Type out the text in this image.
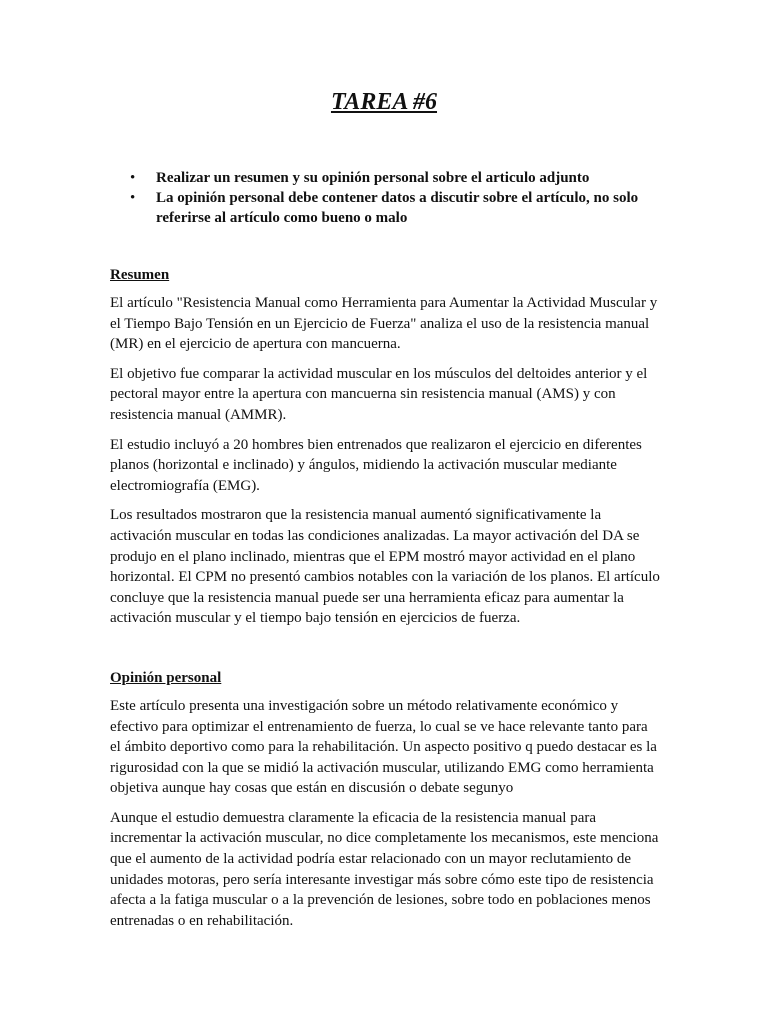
TAREA #6
• Realizar un resumen y su opinión personal sobre el articulo adjunto
• La opinión personal debe contener datos a discutir sobre el artículo, no solo referirse al artículo como bueno o malo
Resumen

El artículo "Resistencia Manual como Herramienta para Aumentar la Actividad Muscular y el Tiempo Bajo Tensión en un Ejercicio de Fuerza" analiza el uso de la resistencia manual (MR) en el ejercicio de apertura con mancuerna.

El objetivo fue comparar la actividad muscular en los músculos del deltoides anterior y el pectoral mayor entre la apertura con mancuerna sin resistencia manual (AMS) y con resistencia manual (AMMR).

El estudio incluyó a 20 hombres bien entrenados que realizaron el ejercicio en diferentes planos (horizontal e inclinado) y ángulos, midiendo la activación muscular mediante electromiografía (EMG).

Los resultados mostraron que la resistencia manual aumentó significativamente la activación muscular en todas las condiciones analizadas. La mayor activación del DA se produjo en el plano inclinado, mientras que el EPM mostró mayor actividad en el plano horizontal. El CPM no presentó cambios notables con la variación de los planos. El artículo concluye que la resistencia manual puede ser una herramienta eficaz para aumentar la activación muscular y el tiempo bajo tensión en ejercicios de fuerza.

Opinión personal

Este artículo presenta una investigación sobre un método relativamente económico y efectivo para optimizar el entrenamiento de fuerza, lo cual se ve hace relevante tanto para el ámbito deportivo como para la rehabilitación. Un aspecto positivo q puedo destacar es la rigurosidad con la que se midió la activación muscular, utilizando EMG como herramienta objetiva aunque hay cosas que están en discusión o debate segunyo

Aunque el estudio demuestra claramente la eficacia de la resistencia manual para incrementar la activación muscular, no dice completamente los mecanismos, este menciona que el aumento de la actividad podría estar relacionado con un mayor reclutamiento de unidades motoras, pero sería interesante investigar más sobre cómo este tipo de resistencia afecta a la fatiga muscular o a la prevención de lesiones, sobre todo en poblaciones menos entrenadas o en rehabilitación.
